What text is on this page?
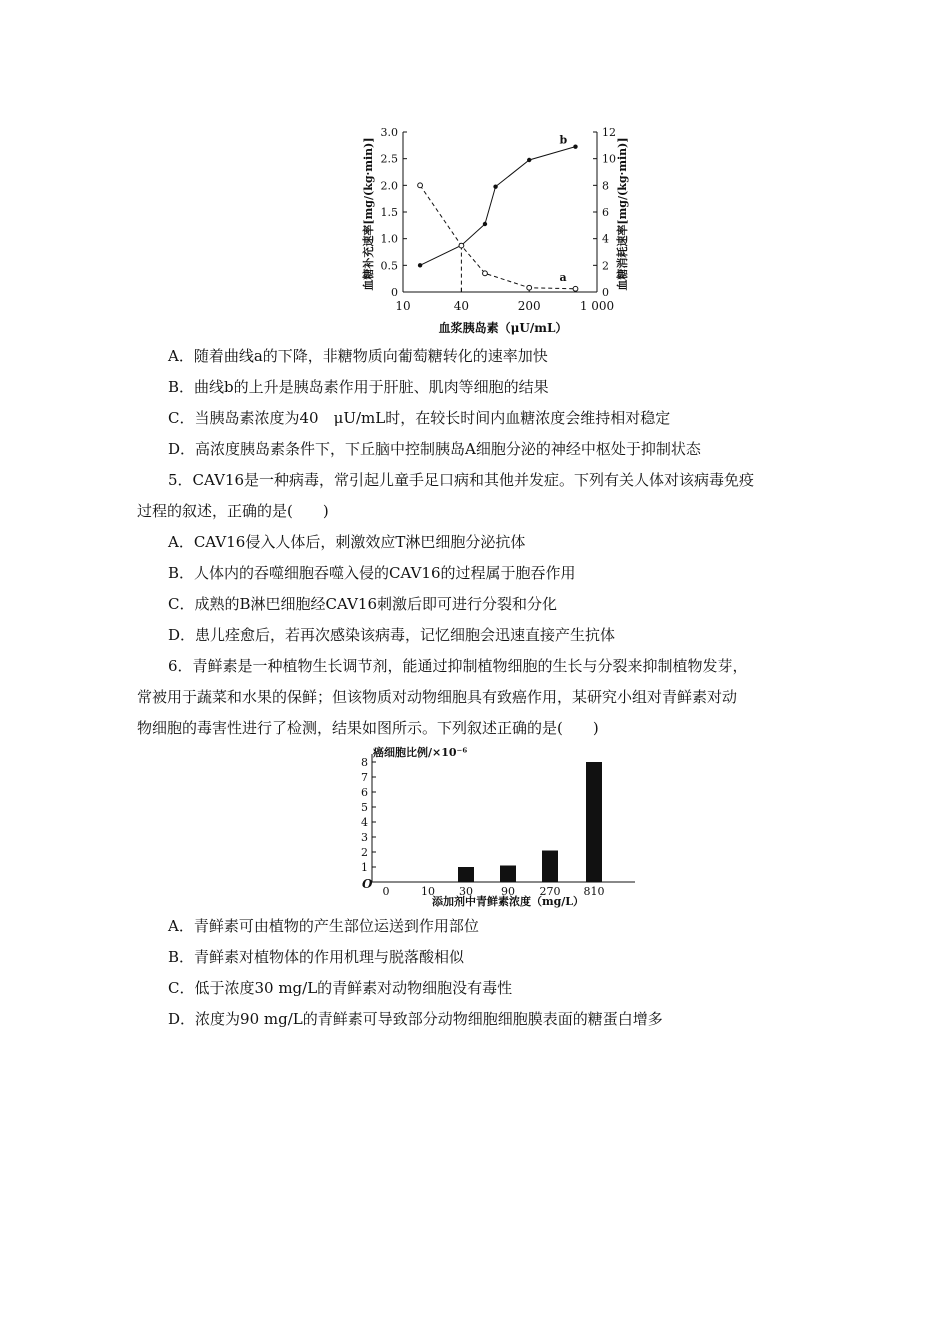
0
0.5
1.0
1.5
2.0
2.5
3.0
0
2
4
6
8
10
12
10	40	200	1 000
b
a
血糖补充速率[mg/(kg·min)]	血糖消耗速率[mg/(kg·min)]
血浆胰岛素（μU/mL）

A．随着曲线a的下降，非糖物质向葡萄糖转化的速率加快

B．曲线b的上升是胰岛素作用于肝脏、肌肉等细胞的结果

C．当胰岛素浓度为40　μU/mL时，在较长时间内血糖浓度会维持相对稳定

D．高浓度胰岛素条件下，下丘脑中控制胰岛A细胞分泌的神经中枢处于抑制状态

5．CAV16是一种病毒，常引起儿童手足口病和其他并发症。下列有关人体对该病毒免疫

过程的叙述，正确的是(　　)

A．CAV16侵入人体后，刺激效应T淋巴细胞分泌抗体

B．人体内的吞噬细胞吞噬入侵的CAV16的过程属于胞吞作用

C．成熟的B淋巴细胞经CAV16刺激后即可进行分裂和分化

D．患儿痊愈后，若再次感染该病毒，记忆细胞会迅速直接产生抗体

6．青鲜素是一种植物生长调节剂，能通过抑制植物细胞的生长与分裂来抑制植物发芽，

常被用于蔬菜和水果的保鲜；但该物质对动物细胞具有致癌作用，某研究小组对青鲜素对动

物细胞的毒害性进行了检测，结果如图所示。下列叙述正确的是(　　)

1
2
3
4
5
6
7
8
0	10 30	90 270 810
癌细胞比例/×10⁻⁶
O
添加剂中青鲜素浓度（mg/L）

A．青鲜素可由植物的产生部位运送到作用部位

B．青鲜素对植物体的作用机理与脱落酸相似

C．低于浓度30 mg/L的青鲜素对动物细胞没有毒性

D．浓度为90 mg/L的青鲜素可导致部分动物细胞细胞膜表面的糖蛋白增多
